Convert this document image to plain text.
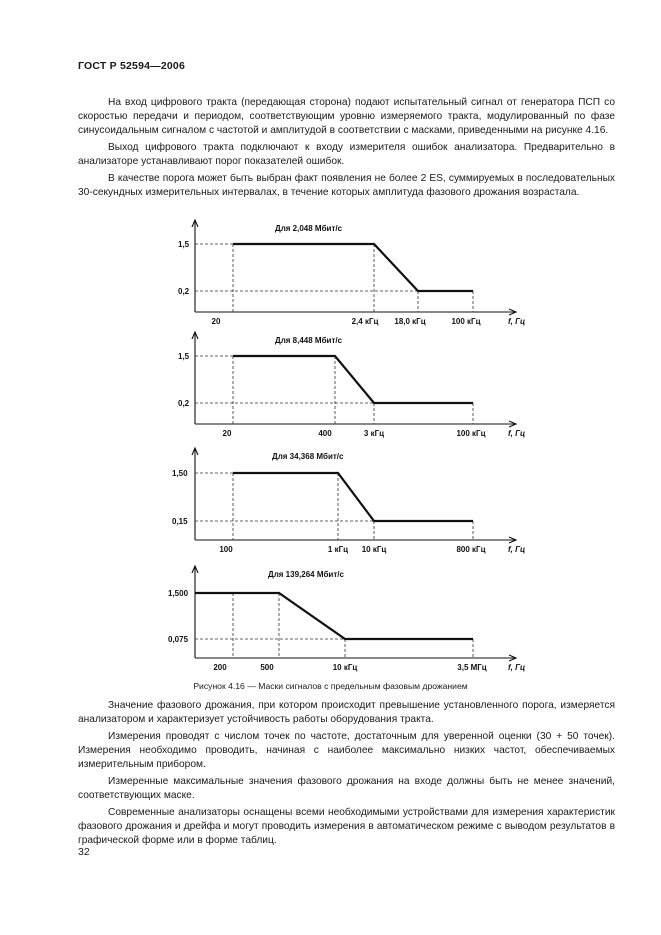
ГОСТ Р 52594—2006

На вход цифрового тракта (передающая сторона) подают испытательный сигнал от генератора ПСП со скоростью передачи и периодом, соответствующим уровню измеряемого тракта, модулированный по фазе синусоидальным сигналом с частотой и амплитудой в соответствии с масками, приведенными на рисунке 4.16.

Выход цифрового тракта подключают к входу измерителя ошибок анализатора. Предварительно в анализаторе устанавливают порог показателей ошибок.

В качестве порога может быть выбран факт появления не более 2 ES, суммируемых в последовательных 30-секундных измерительных интервалах, в течение которых амплитуда фазового дрожания возрастала.

Для 2,048 Мбит/с
1,5
0,2
20	2,4 кГц 18,0 кГц	100 кГц	f, Гц
Для 8,448 Мбит/с
1,5
0,2
20	400	3 кГц	100 кГц	f, Гц
Для 34,368 Мбит/с
1,50
0,15
100	1 кГц 10 кГц	800 кГц	f, Гц
Для 139,264 Мбит/с
1,500
0,075
200	500	10 кГц	3,5 МГц	f, Гц
Рисунок 4.16 — Маски сигналов с предельным фазовым дрожанием

Значение фазового дрожания, при котором происходит превышение установленного порога, измеряется анализатором и характеризует устойчивость работы оборудования тракта.

Измерения проводят с числом точек по частоте, достаточным для уверенной оценки (30 + 50 точек). Измерения необходимо проводить, начиная с наиболее максимально низких частот, обеспечиваемых измерительным прибором.

Измеренные максимальные значения фазового дрожания на входе должны быть не менее значений, соответствующих маске.

Современные анализаторы оснащены всеми необходимыми устройствами для измерения характеристик фазового дрожания и дрейфа и могут проводить измерения в автоматическом режиме с выводом результатов в графической форме или в форме таблиц.

32
